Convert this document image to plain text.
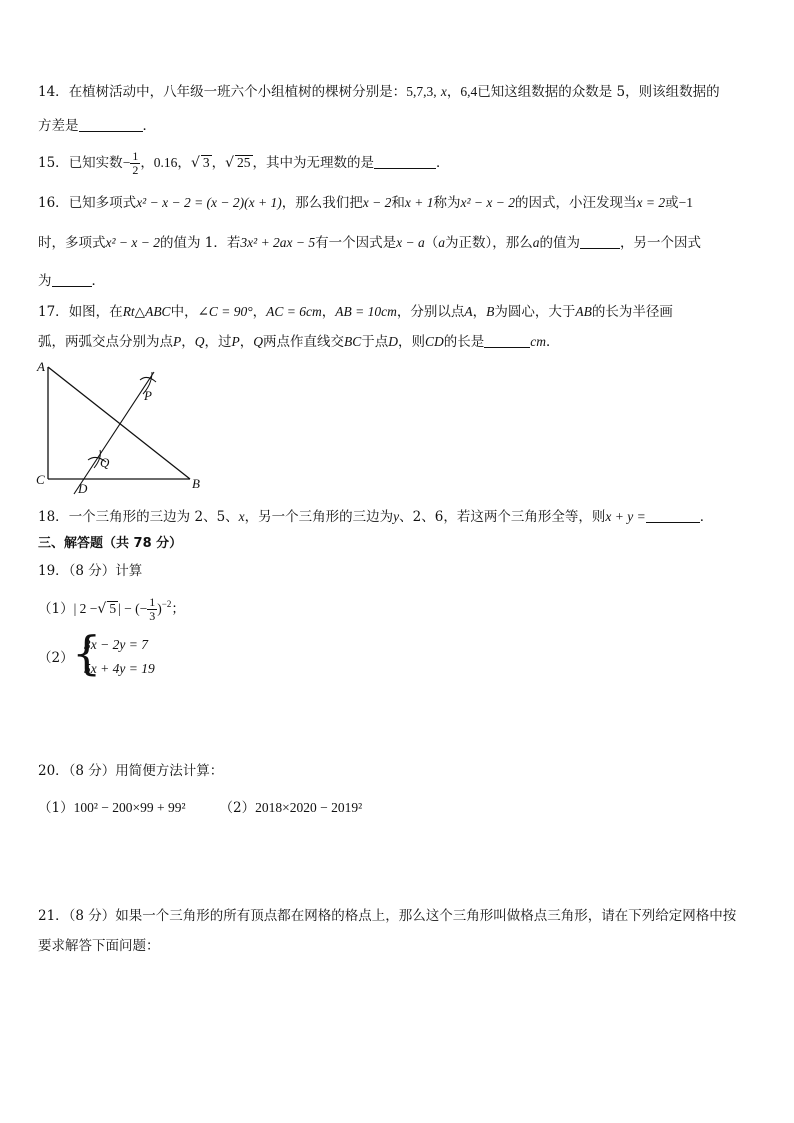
14．在植树活动中，八年级一班六个小组植树的棵树分别是：5,7,3, x，6,4已知这组数据的众数是 5，则该组数据的
方差是	．
15．已知实数− $\frac{1}{2}$ ，0.16，√ 3 ，√ 25 ，其中为无理数的是	．
16．已知多项式x² − x − 2 = (x − 2)(x + 1)，那么我们把x − 2和x + 1称为x² − x − 2的因式，小汪发现当x = 2或−1
时，多项式x² − x − 2的值为 1．若3x² + 2ax − 5有一个因式是x − a（a为正数），那么a的值为	，另一个因式
为	．
17．如图，在Rt△ABC中，∠C = 90°，AC = 6cm，AB = 10cm，分别以点A，B为圆心，大于AB的长为半径画
弧，两弧交点分别为点P，Q，过P，Q两点作直线交BC于点D，则CD的长是	cm．
A
C	B
D
P
Q
18．一个三角形的三边为 2、5、x，另一个三角形的三边为y、2、6，若这两个三角形全等，则x + y =	．
三、解答题（共 78 分）
19．（8 分）计算
（1）| 2 −√ 5 | − (− $\frac{1}{3} )^{-2}$；
（2）
{
3x − 2y = 7
5x + 4y = 19
20．（8 分）用简便方法计算：
（1）100² − 200×99 + 99²	（2）2018×2020 − 2019²
21．（8 分）如果一个三角形的所有顶点都在网格的格点上，那么这个三角形叫做格点三角形，请在下列给定网格中按
要求解答下面问题：
